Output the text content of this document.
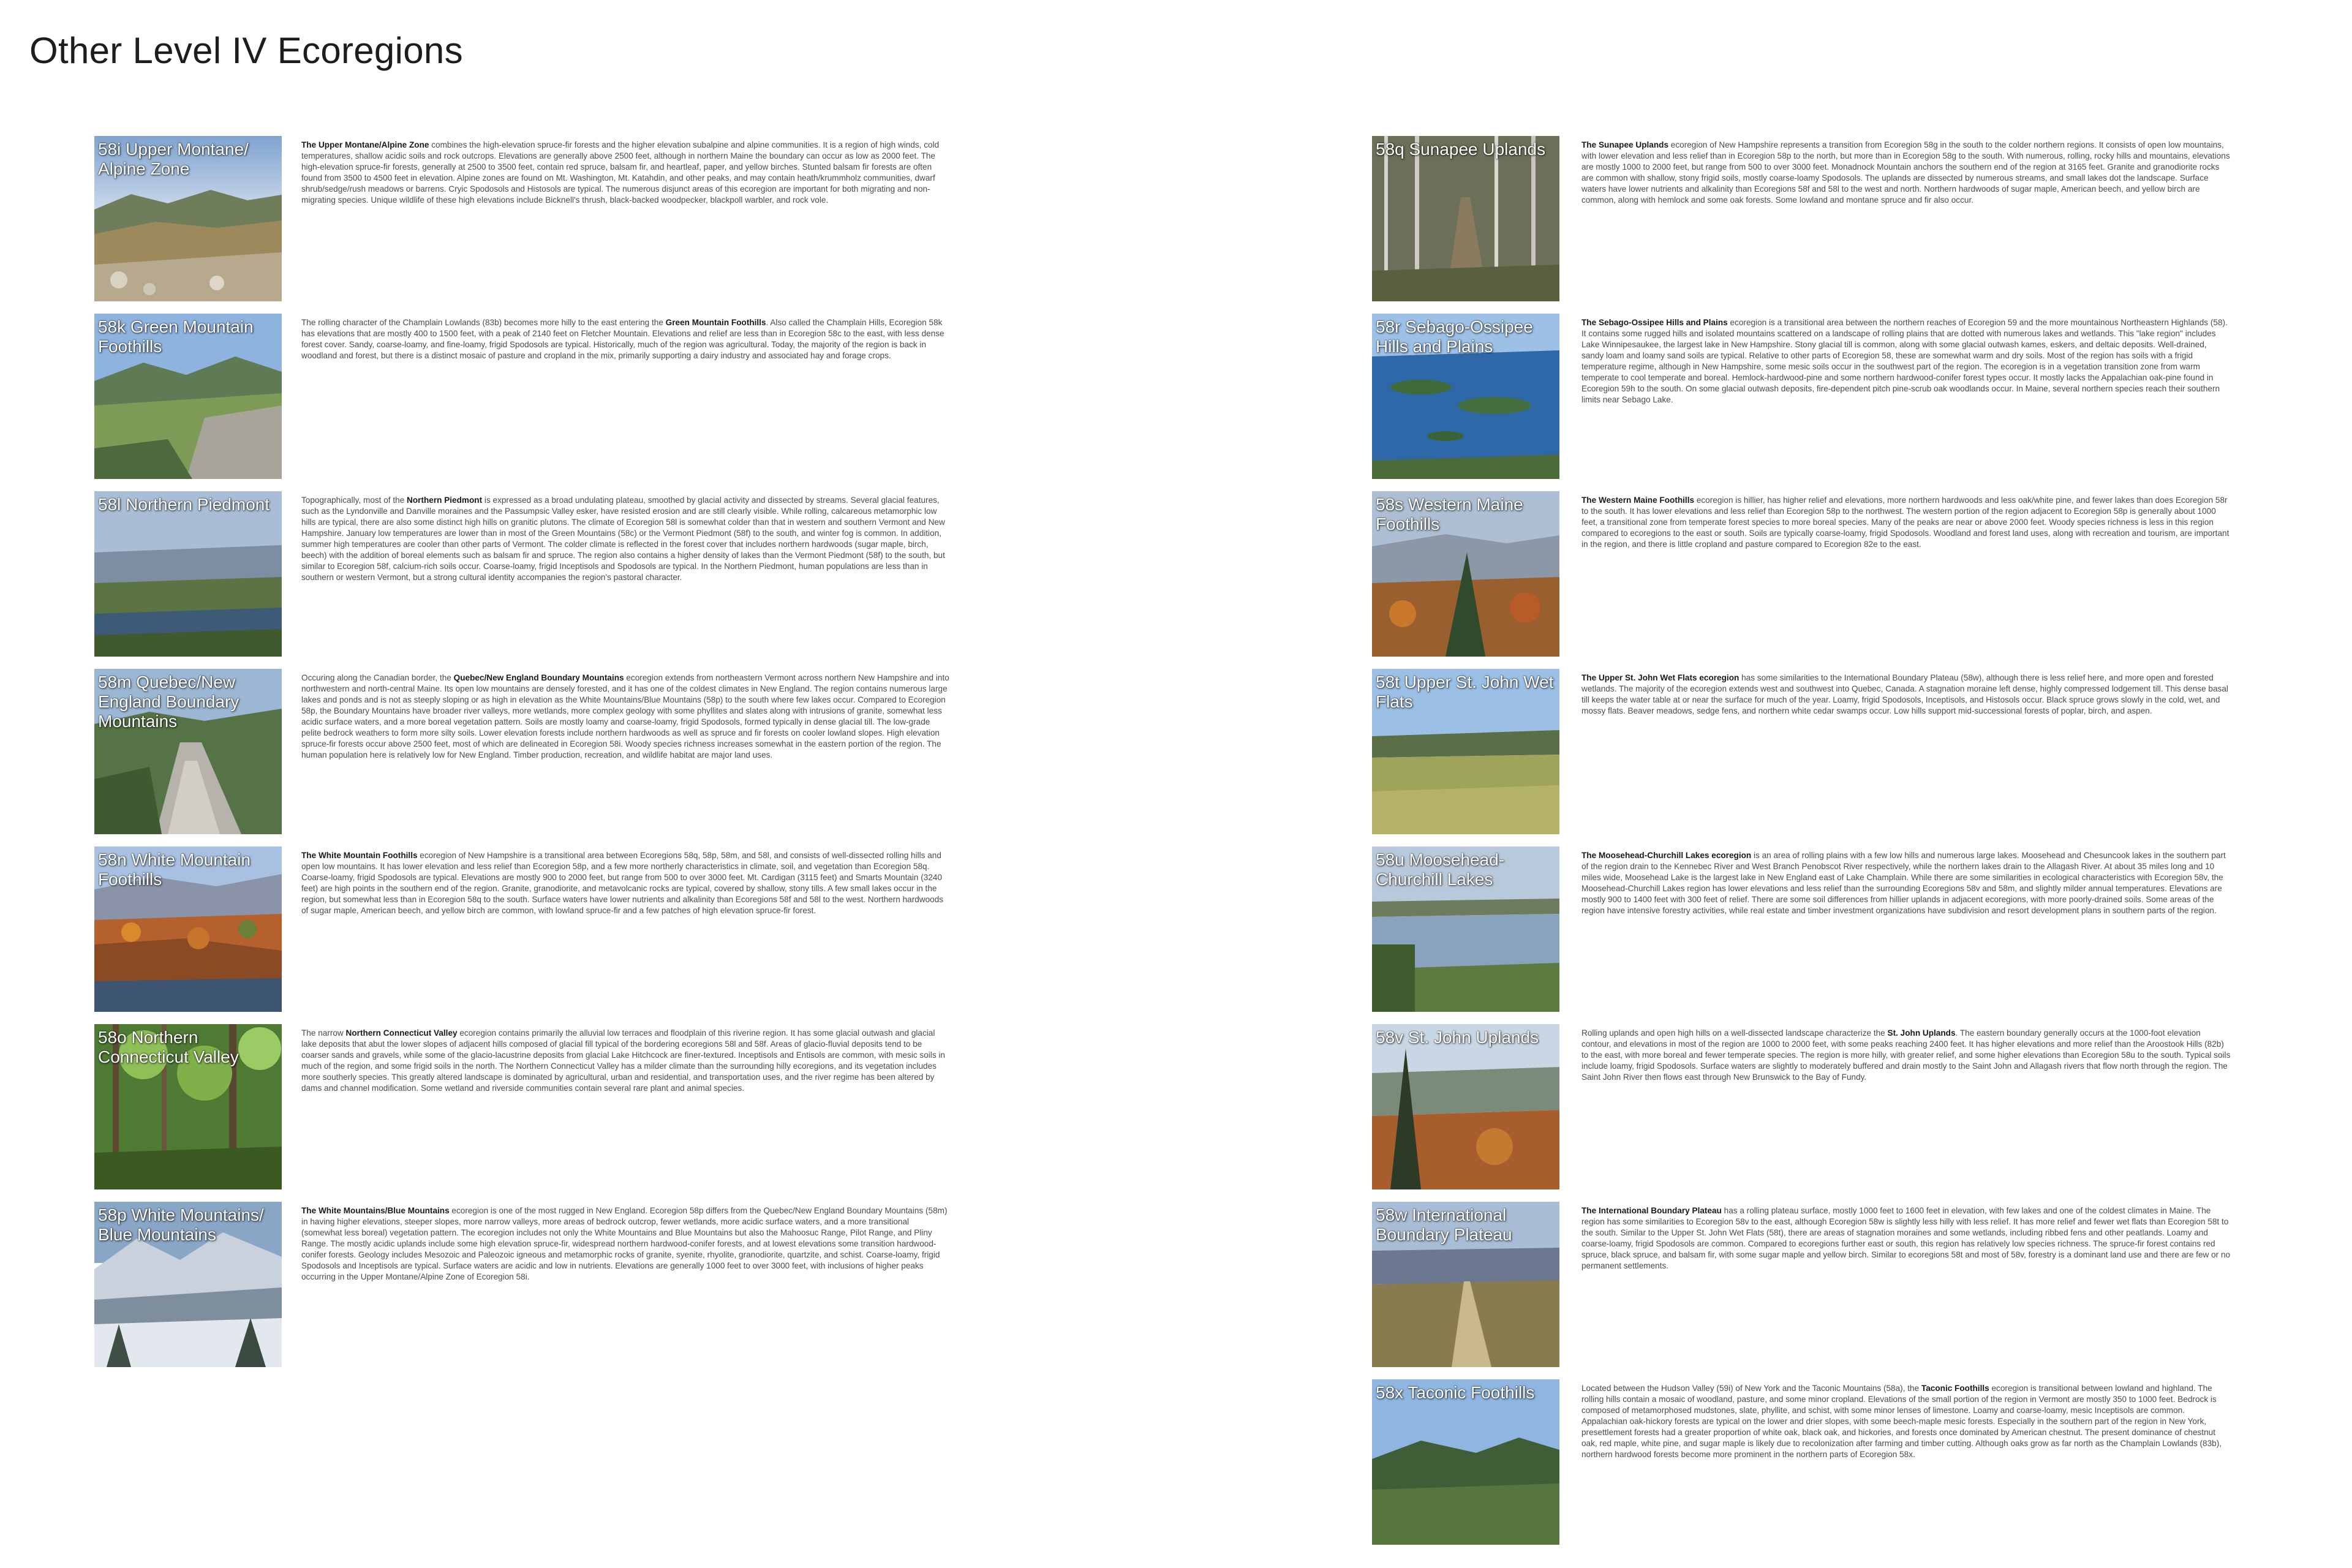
Other Level IV Ecoregions
58i Upper Montane/ Alpine Zone

The Upper Montane/Alpine Zone combines the high-elevation spruce-fir forests and the higher elevation subalpine and alpine communities. It is a region of high winds, cold temperatures, shallow acidic soils and rock outcrops. Elevations are generally above 2500 feet, although in northern Maine the boundary can occur as low as 2000 feet. The high-elevation spruce-fir forests, generally at 2500 to 3500 feet, contain red spruce, balsam fir, and heartleaf, paper, and yellow birches. Stunted balsam fir forests are often found from 3500 to 4500 feet in elevation. Alpine zones are found on Mt. Washington, Mt. Katahdin, and other peaks, and may contain heath/krummholz communities, dwarf shrub/sedge/rush meadows or barrens. Cryic Spodosols and Histosols are typical. The numerous disjunct areas of this ecoregion are important for both migrating and non-migrating species. Unique wildlife of these high elevations include Bicknell's thrush, black-backed woodpecker, blackpoll warbler, and rock vole.

58k Green Mountain Foothills

The rolling character of the Champlain Lowlands (83b) becomes more hilly to the east entering the Green Mountain Foothills. Also called the Champlain Hills, Ecoregion 58k has elevations that are mostly 400 to 1500 feet, with a peak of 2140 feet on Fletcher Mountain. Elevations and relief are less than in Ecoregion 58c to the east, with less dense forest cover. Sandy, coarse-loamy, and fine-loamy, frigid Spodosols are typical. Historically, much of the region was agricultural. Today, the majority of the region is back in woodland and forest, but there is a distinct mosaic of pasture and cropland in the mix, primarily supporting a dairy industry and associated hay and forage crops.

58l Northern Piedmont	Topographically, most of the Northern Piedmont is expressed as a broad undulating plateau, smoothed by glacial activity and dissected by streams. Several glacial features, such as the Lyndonville and Danville moraines and the Passumpsic Valley esker, have resisted erosion and are still clearly visible. While rolling, calcareous metamorphic low hills are typical, there are also some distinct high hills on granitic plutons. The climate of Ecoregion 58l is somewhat colder than that in western and southern Vermont and New Hampshire. January low temperatures are lower than in most of the Green Mountains (58c) or the Vermont Piedmont (58f) to the south, and winter fog is common. In addition, summer high temperatures are cooler than other parts of Vermont. The colder climate is reflected in the forest cover that includes northern hardwoods (sugar maple, birch, beech) with the addition of boreal elements such as balsam fir and spruce. The region also contains a higher density of lakes than the Vermont Piedmont (58f) to the south, but similar to Ecoregion 58f, calcium-rich soils occur. Coarse-loamy, frigid Inceptisols and Spodosols are typical. In the Northern Piedmont, human populations are less than in southern or western Vermont, but a strong cultural identity accompanies the region's pastoral character.

58m Quebec/New England Boundary Mountains

Occuring along the Canadian border, the Quebec/New England Boundary Mountains ecoregion extends from northeastern Vermont across northern New Hampshire and into northwestern and north-central Maine. Its open low mountains are densely forested, and it has one of the coldest climates in New England. The region contains numerous large lakes and ponds and is not as steeply sloping or as high in elevation as the White Mountains/Blue Mountains (58p) to the south where few lakes occur. Compared to Ecoregion 58p, the Boundary Mountains have broader river valleys, more wetlands, more complex geology with some phyllites and slates along with intrusions of granite, somewhat less acidic surface waters, and a more boreal vegetation pattern. Soils are mostly loamy and coarse-loamy, frigid Spodosols, formed typically in dense glacial till. The low-grade pelite bedrock weathers to form more silty soils. Lower elevation forests include northern hardwoods as well as spruce and fir forests on cooler lowland slopes. High elevation spruce-fir forests occur above 2500 feet, most of which are delineated in Ecoregion 58i. Woody species richness increases somewhat in the eastern portion of the region. The human population here is relatively low for New England. Timber production, recreation, and wildlife habitat are major land uses.

58n White Mountain Foothills

The White Mountain Foothills ecoregion of New Hampshire is a transitional area between Ecoregions 58q, 58p, 58m, and 58l, and consists of well-dissected rolling hills and open low mountains. It has lower elevation and less relief than Ecoregion 58p, and a few more northerly characteristics in climate, soil, and vegetation than Ecoregion 58q. Coarse-loamy, frigid Spodosols are typical. Elevations are mostly 900 to 2000 feet, but range from 500 to over 3000 feet. Mt. Cardigan (3115 feet) and Smarts Mountain (3240 feet) are high points in the southern end of the region. Granite, granodiorite, and metavolcanic rocks are typical, covered by shallow, stony tills. A few small lakes occur in the region, but somewhat less than in Ecoregion 58q to the south. Surface waters have lower nutrients and alkalinity than Ecoregions 58f and 58l to the west. Northern hardwoods of sugar maple, American beech, and yellow birch are common, with lowland spruce-fir and a few patches of high elevation spruce-fir forest.

58o Northern Connecticut Valley

The narrow Northern Connecticut Valley ecoregion contains primarily the alluvial low terraces and floodplain of this riverine region. It has some glacial outwash and glacial lake deposits that abut the lower slopes of adjacent hills composed of glacial fill typical of the bordering ecoregions 58l and 58f. Areas of glacio-fluvial deposits tend to be coarser sands and gravels, while some of the glacio-lacustrine deposits from glacial Lake Hitchcock are finer-textured. Inceptisols and Entisols are common, with mesic soils in much of the region, and some frigid soils in the north. The Northern Connecticut Valley has a milder climate than the surrounding hilly ecoregions, and its vegetation includes more southerly species. This greatly altered landscape is dominated by agricultural, urban and residential, and transportation uses, and the river regime has been altered by dams and channel modification. Some wetland and riverside communities contain several rare plant and animal species.

58p White Mountains/ Blue Mountains

The White Mountains/Blue Mountains ecoregion is one of the most rugged in New England. Ecoregion 58p differs from the Quebec/New England Boundary Mountains (58m) in having higher elevations, steeper slopes, more narrow valleys, more areas of bedrock outcrop, fewer wetlands, more acidic surface waters, and a more transitional (somewhat less boreal) vegetation pattern. The ecoregion includes not only the White Mountains and Blue Mountains but also the Mahoosuc Range, Pilot Range, and Pliny Range. The mostly acidic uplands include some high elevation spruce-fir, widespread northern hardwood-conifer forests, and at lowest elevations some transition hardwood-conifer forests. Geology includes Mesozoic and Paleozoic igneous and metamorphic rocks of granite, syenite, rhyolite, granodiorite, quartzite, and schist. Coarse-loamy, frigid Spodosols and Inceptisols are typical. Surface waters are acidic and low in nutrients. Elevations are generally 1000 feet to over 3000 feet, with inclusions of higher peaks occurring in the Upper Montane/Alpine Zone of Ecoregion 58i.

58q Sunapee Uplands	The Sunapee Uplands ecoregion of New Hampshire represents a transition from Ecoregion 58g in the south to the colder northern regions. It consists of open low mountains, with lower elevation and less relief than in Ecoregion 58p to the north, but more than in Ecoregion 58g to the south. With numerous, rolling, rocky hills and mountains, elevations are mostly 1000 to 2000 feet, but range from 500 to over 3000 feet. Monadnock Mountain anchors the southern end of the region at 3165 feet. Granite and granodiorite rocks are common with shallow, stony frigid soils, mostly coarse-loamy Spodosols. The uplands are dissected by numerous streams, and small lakes dot the landscape. Surface waters have lower nutrients and alkalinity than Ecoregions 58f and 58l to the west and north. Northern hardwoods of sugar maple, American beech, and yellow birch are common, along with hemlock and some oak forests. Some lowland and montane spruce and fir also occur.

58r Sebago-Ossipee Hills and Plains

The Sebago-Ossipee Hills and Plains ecoregion is a transitional area between the northern reaches of Ecoregion 59 and the more mountainous Northeastern Highlands (58). It contains some rugged hills and isolated mountains scattered on a landscape of rolling plains that are dotted with numerous lakes and wetlands. This "lake region" includes Lake Winnipesaukee, the largest lake in New Hampshire. Stony glacial till is common, along with some glacial outwash kames, eskers, and deltaic deposits. Well-drained, sandy loam and loamy sand soils are typical. Relative to other parts of Ecoregion 58, these are somewhat warm and dry soils. Most of the region has soils with a frigid temperature regime, although in New Hampshire, some mesic soils occur in the southwest part of the region. The ecoregion is in a vegetation transition zone from warm temperate to cool temperate and boreal. Hemlock-hardwood-pine and some northern hardwood-conifer forest types occur. It mostly lacks the Appalachian oak-pine found in Ecoregion 59h to the south. On some glacial outwash deposits, fire-dependent pitch pine-scrub oak woodlands occur. In Maine, several northern species reach their southern limits near Sebago Lake.

58s Western Maine Foothills

The Western Maine Foothills ecoregion is hillier, has higher relief and elevations, more northern hardwoods and less oak/white pine, and fewer lakes than does Ecoregion 58r to the south. It has lower elevations and less relief than Ecoregion 58p to the northwest. The western portion of the region adjacent to Ecoregion 58p is generally about 1000 feet, a transitional zone from temperate forest species to more boreal species. Many of the peaks are near or above 2000 feet. Woody species richness is less in this region compared to ecoregions to the east or south. Soils are typically coarse-loamy, frigid Spodosols. Woodland and forest land uses, along with recreation and tourism, are important in the region, and there is little cropland and pasture compared to Ecoregion 82e to the east.

58t Upper St. John Wet Flats

The Upper St. John Wet Flats ecoregion has some similarities to the International Boundary Plateau (58w), although there is less relief here, and more open and forested wetlands. The majority of the ecoregion extends west and southwest into Quebec, Canada. A stagnation moraine left dense, highly compressed lodgement till. This dense basal till keeps the water table at or near the surface for much of the year. Loamy, frigid Spodosols, Inceptisols, and Histosols occur. Black spruce grows slowly in the cold, wet, and mossy flats. Beaver meadows, sedge fens, and northern white cedar swamps occur. Low hills support mid-successional forests of poplar, birch, and aspen.

58u Moosehead-Churchill Lakes

The Moosehead-Churchill Lakes ecoregion is an area of rolling plains with a few low hills and numerous large lakes. Moosehead and Chesuncook lakes in the southern part of the region drain to the Kennebec River and West Branch Penobscot River respectively, while the northern lakes drain to the Allagash River. At about 35 miles long and 10 miles wide, Moosehead Lake is the largest lake in New England east of Lake Champlain. While there are some similarities in ecological characteristics with Ecoregion 58v, the Moosehead-Churchill Lakes region has lower elevations and less relief than the surrounding Ecoregions 58v and 58m, and slightly milder annual temperatures. Elevations are mostly 900 to 1400 feet with 300 feet of relief. There are some soil differences from hillier uplands in adjacent ecoregions, with more poorly-drained soils. Some areas of the region have intensive forestry activities, while real estate and timber investment organizations have subdivision and resort development plans in southern parts of the region.

58v St. John Uplands	Rolling uplands and open high hills on a well-dissected landscape characterize the St. John Uplands. The eastern boundary generally occurs at the 1000-foot elevation contour, and elevations in most of the region are 1000 to 2000 feet, with some peaks reaching 2400 feet. It has higher elevations and more relief than the Aroostook Hills (82b) to the east, with more boreal and fewer temperate species. The region is more hilly, with greater relief, and some higher elevations than Ecoregion 58u to the south. Typical soils include loamy, frigid Spodosols. Surface waters are slightly to moderately buffered and drain mostly to the Saint John and Allagash rivers that flow north through the region. The Saint John River then flows east through New Brunswick to the Bay of Fundy.

58w International Boundary Plateau

The International Boundary Plateau has a rolling plateau surface, mostly 1000 feet to 1600 feet in elevation, with few lakes and one of the coldest climates in Maine. The region has some similarities to Ecoregion 58v to the east, although Ecoregion 58w is slightly less hilly with less relief. It has more relief and fewer wet flats than Ecoregion 58t to the south. Similar to the Upper St. John Wet Flats (58t), there are areas of stagnation moraines and some wetlands, including ribbed fens and other peatlands. Loamy and coarse-loamy, frigid Spodosols are common. Compared to ecoregions further east or south, this region has relatively low species richness. The spruce-fir forest contains red spruce, black spruce, and balsam fir, with some sugar maple and yellow birch. Similar to ecoregions 58t and most of 58v, forestry is a dominant land use and there are few or no permanent settlements.

58x Taconic Foothills	Located between the Hudson Valley (59i) of New York and the Taconic Mountains (58a), the Taconic Foothills ecoregion is transitional between lowland and highland. The rolling hills contain a mosaic of woodland, pasture, and some minor cropland. Elevations of the small portion of the region in Vermont are mostly 350 to 1000 feet. Bedrock is composed of metamorphosed mudstones, slate, phyllite, and schist, with some minor lenses of limestone. Loamy and coarse-loamy, mesic Inceptisols are common. Appalachian oak-hickory forests are typical on the lower and drier slopes, with some beech-maple mesic forests. Especially in the southern part of the region in New York, presettlement forests had a greater proportion of white oak, black oak, and hickories, and forests once dominated by American chestnut. The present dominance of chestnut oak, red maple, white pine, and sugar maple is likely due to recolonization after farming and timber cutting. Although oaks grow as far north as the Champlain Lowlands (83b), northern hardwood forests become more prominent in the northern parts of Ecoregion 58x.
